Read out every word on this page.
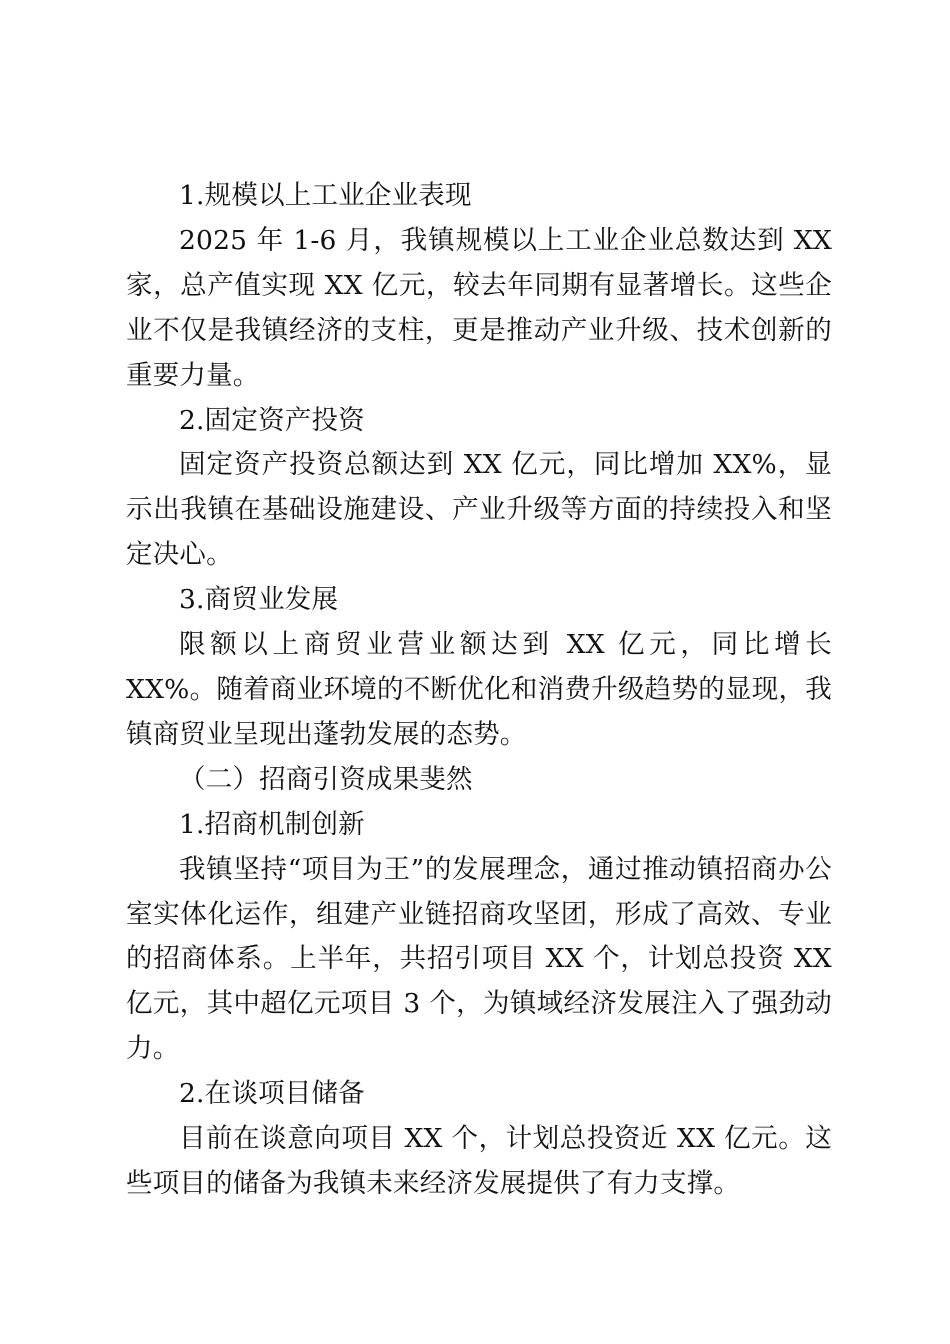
1.规模以上工业企业表现

2025 年 1-6 月，我镇规模以上工业企业总数达到 XX 家，总产值实现 XX 亿元，较去年同期有显著增长。这些企业不仅是我镇经济的支柱，更是推动产业升级、技术创新的重要力量。

2.固定资产投资

固定资产投资总额达到 XX 亿元，同比增加 XX%，显示出我镇在基础设施建设、产业升级等方面的持续投入和坚定决心。

3.商贸业发展

限额以上商贸业营业额达到 XX 亿元，同比增长 XX%。随着商业环境的不断优化和消费升级趋势的显现，我镇商贸业呈现出蓬勃发展的态势。

（二）招商引资成果斐然

1.招商机制创新

我镇坚持“项目为王”的发展理念，通过推动镇招商办公室实体化运作，组建产业链招商攻坚团，形成了高效、专业的招商体系。上半年，共招引项目 XX 个，计划总投资 XX 亿元，其中超亿元项目 3 个，为镇域经济发展注入了强劲动力。

2.在谈项目储备

目前在谈意向项目 XX 个，计划总投资近 XX 亿元。这些项目的储备为我镇未来经济发展提供了有力支撑。
